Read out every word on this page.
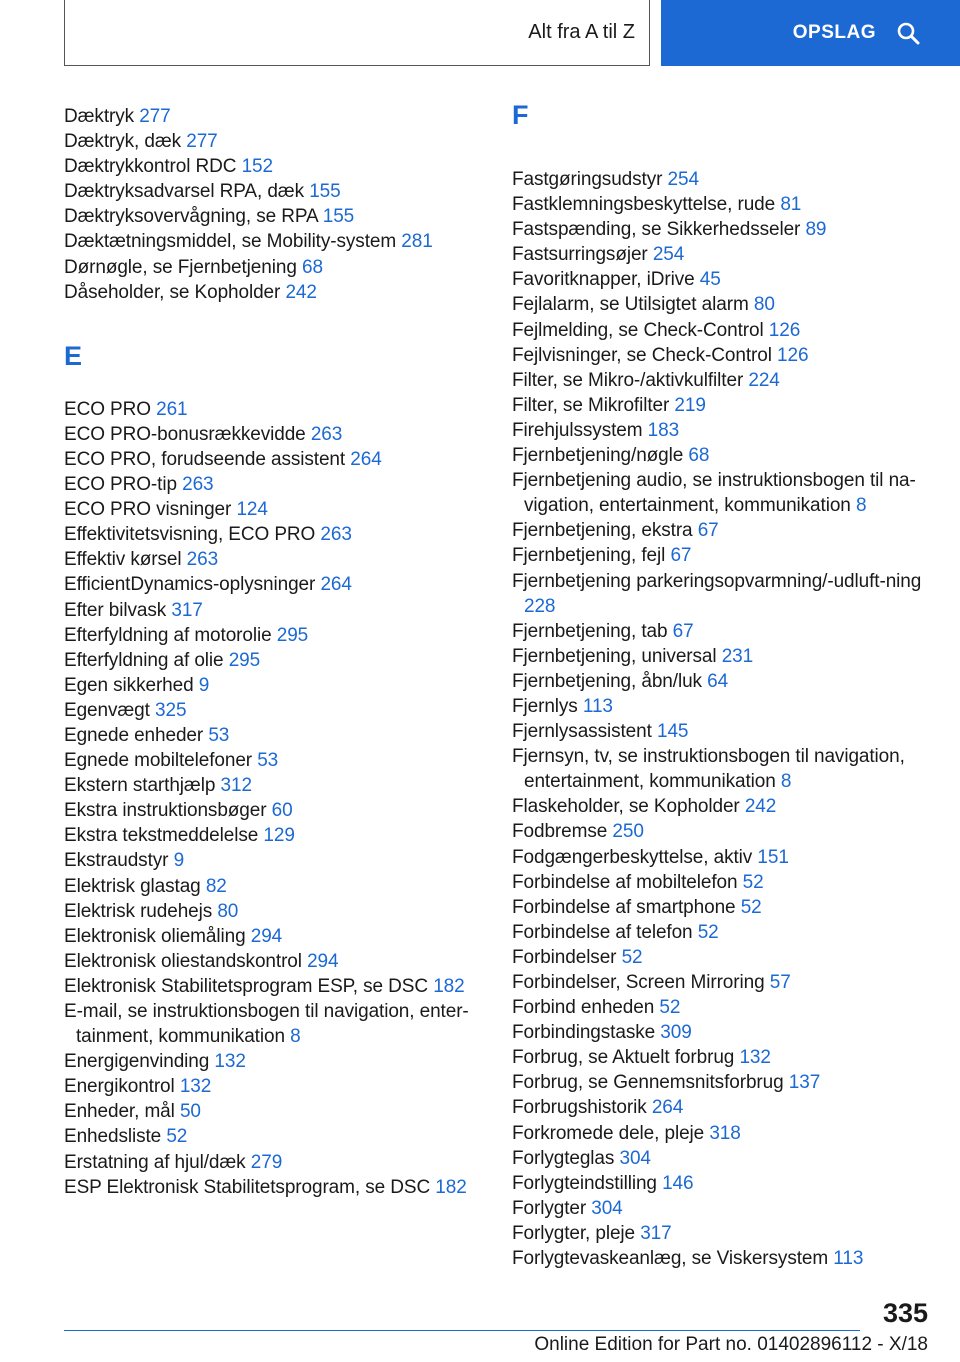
Alt fra A til Z	OPSLAG
Dæktryk 277
Dæktryk, dæk 277
Dæktrykkontrol RDC 152
Dæktryksadvarsel RPA, dæk 155
Dæktryksovervågning, se RPA 155
Dæktætningsmiddel, se Mobility-system 281
Dørnøgle, se Fjernbetjening 68
Dåseholder, se Kopholder 242
E
ECO PRO 261
ECO PRO-bonusrækkevidde 263
ECO PRO, forudseende assistent 264
ECO PRO-tip 263
ECO PRO visninger 124
Effektivitetsvisning, ECO PRO 263
Effektiv kørsel 263
EfficientDynamics-oplysninger 264
Efter bilvask 317
Efterfyldning af motorolie 295
Efterfyldning af olie 295
Egen sikkerhed 9
Egenvægt 325
Egnede enheder 53
Egnede mobiltelefoner 53
Ekstern starthjælp 312
Ekstra instruktionsbøger 60
Ekstra tekstmeddelelse 129
Ekstraudstyr 9
Elektrisk glastag 82
Elektrisk rudehejs 80
Elektronisk oliemåling 294
Elektronisk oliestandskontrol 294
Elektronisk Stabilitetsprogram ESP, se DSC 182
E-mail, se instruktionsbogen til navigation, enter-tainment, kommunikation 8
Energigenvinding 132
Energikontrol 132
Enheder, mål 50
Enhedsliste 52
Erstatning af hjul/dæk 279
ESP Elektronisk Stabilitetsprogram, se DSC 182
F
Fastgøringsudstyr 254
Fastklemningsbeskyttelse, rude 81
Fastspænding, se Sikkerhedsseler 89
Fastsurringsøjer 254
Favoritknapper, iDrive 45
Fejlalarm, se Utilsigtet alarm 80
Fejlmelding, se Check-Control 126
Fejlvisninger, se Check-Control 126
Filter, se Mikro-/aktivkulfilter 224
Filter, se Mikrofilter 219
Firehjulssystem 183
Fjernbetjening/nøgle 68
Fjernbetjening audio, se instruktionsbogen til na-vigation, entertainment, kommunikation 8
Fjernbetjening, ekstra 67
Fjernbetjening, fejl 67
Fjernbetjening parkeringsopvarmning/-udluft-ning 228
Fjernbetjening, tab 67
Fjernbetjening, universal 231
Fjernbetjening, åbn/luk 64
Fjernlys 113
Fjernlysassistent 145
Fjernsyn, tv, se instruktionsbogen til navigation, entertainment, kommunikation 8
Flaskeholder, se Kopholder 242
Fodbremse 250
Fodgængerbeskyttelse, aktiv 151
Forbindelse af mobiltelefon 52
Forbindelse af smartphone 52
Forbindelse af telefon 52
Forbindelser 52
Forbindelser, Screen Mirroring 57
Forbind enheden 52
Forbindingstaske 309
Forbrug, se Aktuelt forbrug 132
Forbrug, se Gennemsnitsforbrug 137
Forbrugshistorik 264
Forkromede dele, pleje 318
Forlygteglas 304
Forlygteindstilling 146
Forlygter 304
Forlygter, pleje 317
Forlygtevaskeanlæg, se Viskersystem 113
335
Online Edition for Part no. 01402896112 - X/18
